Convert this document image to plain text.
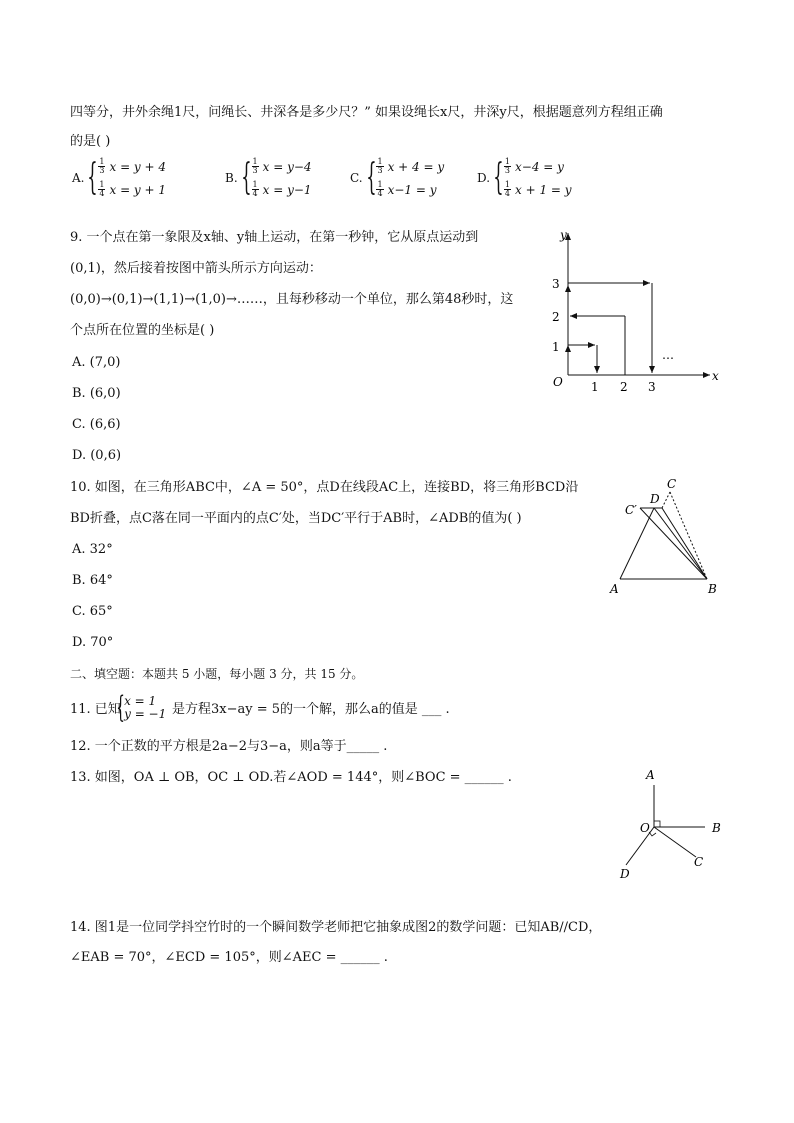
四等分，井外余绳1尺，问绳长、井深各是多少尺？” 如果设绳长x尺，井深y尺，根据题意列方程组正确
的是( )
A. { $\frac{1}{3}$ x = y + 4
$\frac{1}{4}$ x = y + 1
B. { $\frac{1}{3}$ x = y−4
$\frac{1}{4}$ x = y−1
C. { $\frac{1}{3}$ x + 4 = y
$\frac{1}{4} x-1 = y$
D. { $\frac{1}{3} x-4 = y$
$\frac{1}{4}$ x + 1 = y
9. 一个点在第一象限及x轴、y轴上运动，在第一秒钟，它从原点运动到
(0,1)，然后接着按图中箭头所示方向运动：
(0,0)→(0,1)→(1,1)→(1,0)→……，且每秒移动一个单位，那么第48秒时，这
个点所在位置的坐标是( )
A. (7,0)
B. (6,0)
C. (6,6)
D. (0,6)
y
x
O 1 2 3
1
2
3
…
10. 如图，在三角形ABC中，∠A = 50°，点D在线段AC上，连接BD，将三角形BCD沿
BD折叠，点C落在同一平面内的点C′处，当DC′平行于AB时，∠ADB的值为( )
A. 32°
B. 64°
C. 65°
D. 70°
A	B
C
D
C′
二、填空题：本题共 5 小题，每小题 3 分，共 15 分。
11. 已知
{ x = 1
y = −1 是方程3x−ay = 5的一个解，那么a的值是 ___ .
12. 一个正数的平方根是2a−2与3−a，则a等于_____ .
13. 如图，OA ⊥ OB，OC ⊥ OD.若∠AOD = 144°，则∠BOC = ______ .	A
B
C
D
O
14. 图1是一位同学抖空竹时的一个瞬间数学老师把它抽象成图2的数学问题：已知AB//CD，
∠EAB = 70°，∠ECD = 105°，则∠AEC = ______ .
